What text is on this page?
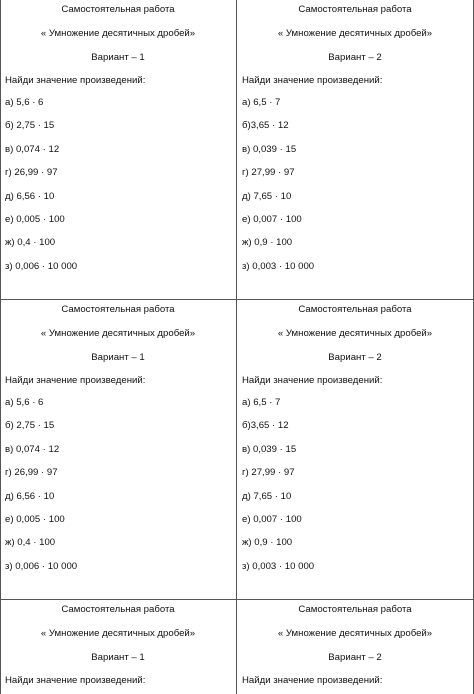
Самостоятельная работа
« Умножение десятичных дробей»
Вариант – 1
Найди значение произведений:
а) 5,6 · 6
б) 2,75 · 15
в) 0,074 · 12
г) 26,99 · 97
д) 6,56 · 10
е) 0,005 · 100
ж) 0,4 · 100
з) 0,006 · 10 000
Самостоятельная работа
« Умножение десятичных дробей»
Вариант – 2
Найди значение произведений:
а) 6,5 · 7
б)3,65 · 12
в) 0,039 · 15
г) 27,99 · 97
д) 7,65 · 10
е) 0,007 · 100
ж) 0,9 · 100
з) 0,003 · 10 000
Самостоятельная работа
« Умножение десятичных дробей»
Вариант – 1
Найди значение произведений:
а) 5,6 · 6
б) 2,75 · 15
в) 0,074 · 12
г) 26,99 · 97
д) 6,56 · 10
е) 0,005 · 100
ж) 0,4 · 100
з) 0,006 · 10 000
Самостоятельная работа
« Умножение десятичных дробей»
Вариант – 2
Найди значение произведений:
а) 6,5 · 7
б)3,65 · 12
в) 0,039 · 15
г) 27,99 · 97
д) 7,65 · 10
е) 0,007 · 100
ж) 0,9 · 100
з) 0,003 · 10 000
Самостоятельная работа
« Умножение десятичных дробей»
Вариант – 1
Найди значение произведений:
Самостоятельная работа
« Умножение десятичных дробей»
Вариант – 2
Найди значение произведений:
